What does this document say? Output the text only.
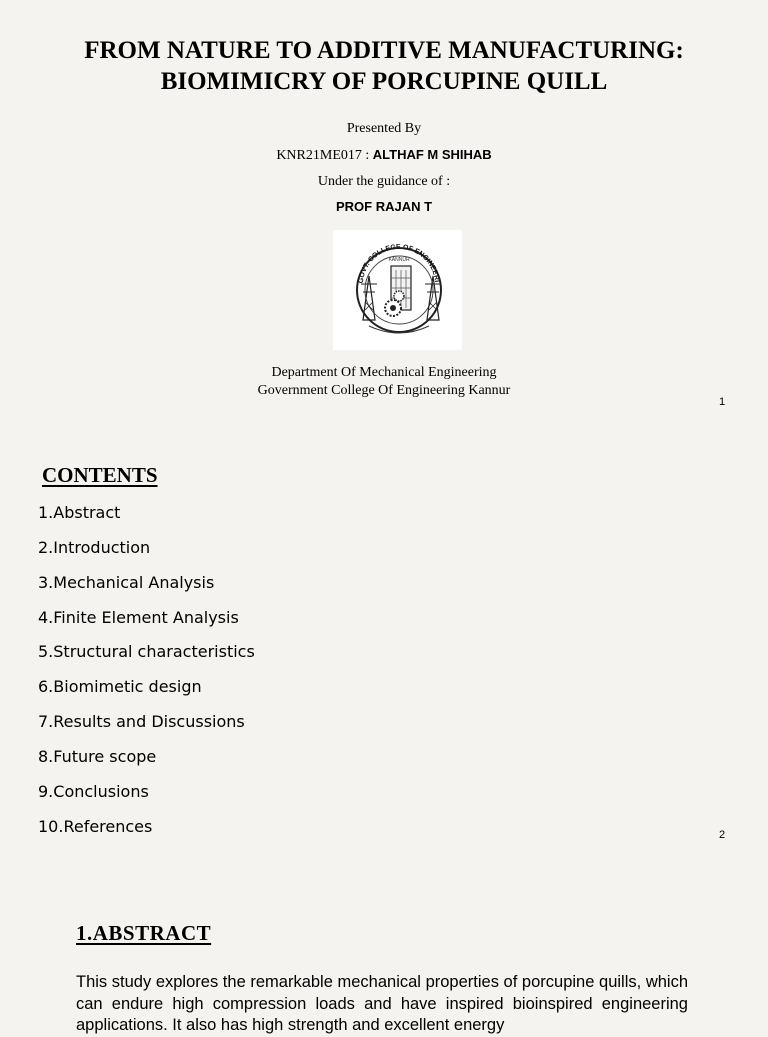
FROM NATURE TO ADDITIVE MANUFACTURING:
BIOMIMICRY OF PORCUPINE QUILL
Presented By
KNR21ME017 : ALTHAF M SHIHAB
Under the guidance of :
PROF RAJAN T
GOVT. COLLEGE OF ENGINEERI
KANNUR
Department Of Mechanical Engineering
Government College Of Engineering Kannur
1
CONTENTS
1.Abstract
2.Introduction
3.Mechanical Analysis
4.Finite Element Analysis
5.Structural characteristics
6.Biomimetic design
7.Results and Discussions
8.Future scope
9.Conclusions
10.References	2
1.ABSTRACT
This study explores the remarkable mechanical properties of porcupine quills, which can endure high compression loads and have inspired bioinspired engineering applications. It also has high strength and excellent energy
